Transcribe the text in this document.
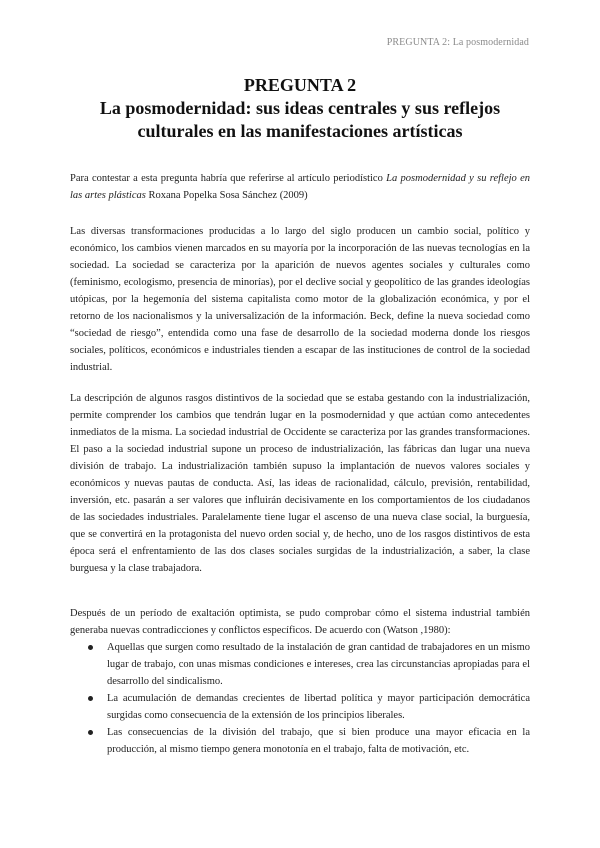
PREGUNTA 2: La posmodernidad
PREGUNTA 2
La posmodernidad: sus ideas centrales y sus reflejos culturales en las manifestaciones artísticas

Para contestar a esta pregunta habría que referirse al artículo periodístico La posmodernidad y su reflejo en las artes plásticas Roxana Popelka Sosa Sánchez (2009)

Las diversas transformaciones producidas a lo largo del siglo producen un cambio social, político y económico, los cambios vienen marcados en su mayoría por la incorporación de las nuevas tecnologías en la sociedad. La sociedad se caracteriza por la aparición de nuevos agentes sociales y culturales como (feminismo, ecologismo, presencia de minorías), por el declive social y geopolítico de las grandes ideologías utópicas, por la hegemonía del sistema capitalista como motor de la globalización económica, y por el retorno de los nacionalismos y la universalización de la información. Beck, define la nueva sociedad como “sociedad de riesgo”, entendida como una fase de desarrollo de la sociedad moderna donde los riesgos sociales, políticos, económicos e industriales tienden a escapar de las instituciones de control de la sociedad industrial.

La descripción de algunos rasgos distintivos de la sociedad que se estaba gestando con la industrialización, permite comprender los cambios que tendrán lugar en la posmodernidad y que actúan como antecedentes inmediatos de la misma. La sociedad industrial de Occidente se caracteriza por las grandes transformaciones. El paso a la sociedad industrial supone un proceso de industrialización, las fábricas dan lugar una nueva división de trabajo. La industrialización también supuso la implantación de nuevos valores sociales y económicos y nuevas pautas de conducta. Así, las ideas de racionalidad, cálculo, previsión, rentabilidad, inversión, etc. pasarán a ser valores que influirán decisivamente en los comportamientos de los ciudadanos de las sociedades industriales. Paralelamente tiene lugar el ascenso de una nueva clase social, la burguesía, que se convertirá en la protagonista del nuevo orden social y, de hecho, uno de los rasgos distintivos de esta época será el enfrentamiento de las dos clases sociales surgidas de la industrialización, a saber, la clase burguesa y la clase trabajadora.

Después de un período de exaltación optimista, se pudo comprobar cómo el sistema industrial también generaba nuevas contradicciones y conflictos específicos. De acuerdo con (Watson ,1980):

Aquellas que surgen como resultado de la instalación de gran cantidad de trabajadores en un mismo lugar de trabajo, con unas mismas condiciones e intereses, crea las circunstancias apropiadas para el desarrollo del sindicalismo.
La acumulación de demandas crecientes de libertad política y mayor participación democrática surgidas como consecuencia de la extensión de los principios liberales.
Las consecuencias de la división del trabajo, que si bien produce una mayor eficacia en la producción, al mismo tiempo genera monotonía en el trabajo, falta de motivación, etc.
